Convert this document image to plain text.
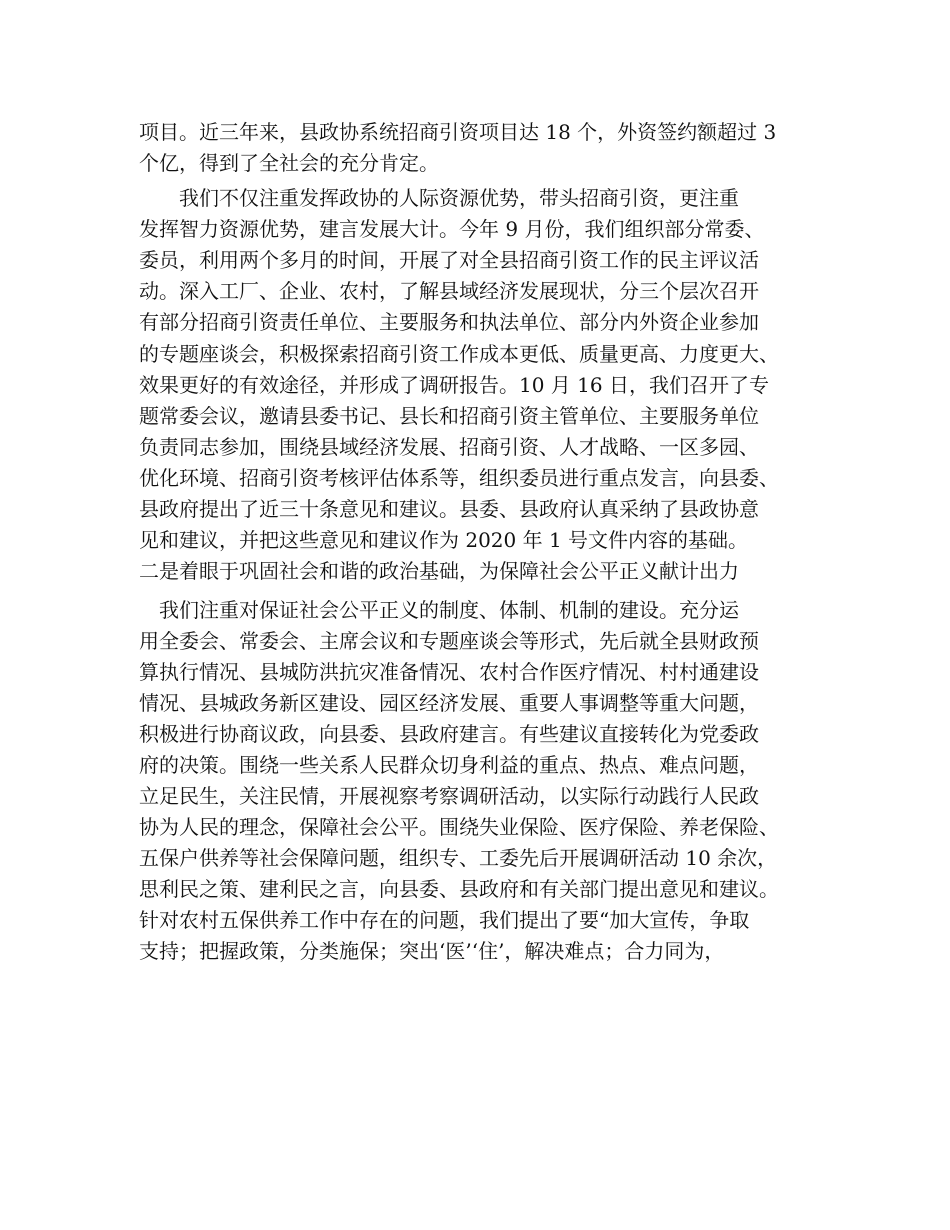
项目。近三年来，县政协系统招商引资项目达 18 个，外资签约额超过 3
个亿，得到了全社会的充分肯定。
　　我们不仅注重发挥政协的人际资源优势，带头招商引资，更注重
发挥智力资源优势，建言发展大计。今年 9 月份，我们组织部分常委、
委员，利用两个多月的时间，开展了对全县招商引资工作的民主评议活
动。深入工厂、企业、农村，了解县域经济发展现状，分三个层次召开
有部分招商引资责任单位、主要服务和执法单位、部分内外资企业参加
的专题座谈会，积极探索招商引资工作成本更低、质量更高、力度更大、
效果更好的有效途径，并形成了调研报告。10 月 16 日，我们召开了专
题常委会议，邀请县委书记、县长和招商引资主管单位、主要服务单位
负责同志参加，围绕县域经济发展、招商引资、人才战略、一区多园、
优化环境、招商引资考核评估体系等，组织委员进行重点发言，向县委、
县政府提出了近三十条意见和建议。县委、县政府认真采纳了县政协意
见和建议，并把这些意见和建议作为 2020 年 1 号文件内容的基础。
二是着眼于巩固社会和谐的政治基础，为保障社会公平正义献计出力
　我们注重对保证社会公平正义的制度、体制、机制的建设。充分运
用全委会、常委会、主席会议和专题座谈会等形式，先后就全县财政预
算执行情况、县城防洪抗灾准备情况、农村合作医疗情况、村村通建设
情况、县城政务新区建设、园区经济发展、重要人事调整等重大问题，
积极进行协商议政，向县委、县政府建言。有些建议直接转化为党委政
府的决策。围绕一些关系人民群众切身利益的重点、热点、难点问题，
立足民生，关注民情，开展视察考察调研活动，以实际行动践行人民政
协为人民的理念，保障社会公平。围绕失业保险、医疗保险、养老保险、
五保户供养等社会保障问题，组织专、工委先后开展调研活动 10 余次，
思利民之策、建利民之言，向县委、县政府和有关部门提出意见和建议。
针对农村五保供养工作中存在的问题，我们提出了要“加大宣传，争取
支持；把握政策，分类施保；突出‘医’‘住’，解决难点；合力同为，
